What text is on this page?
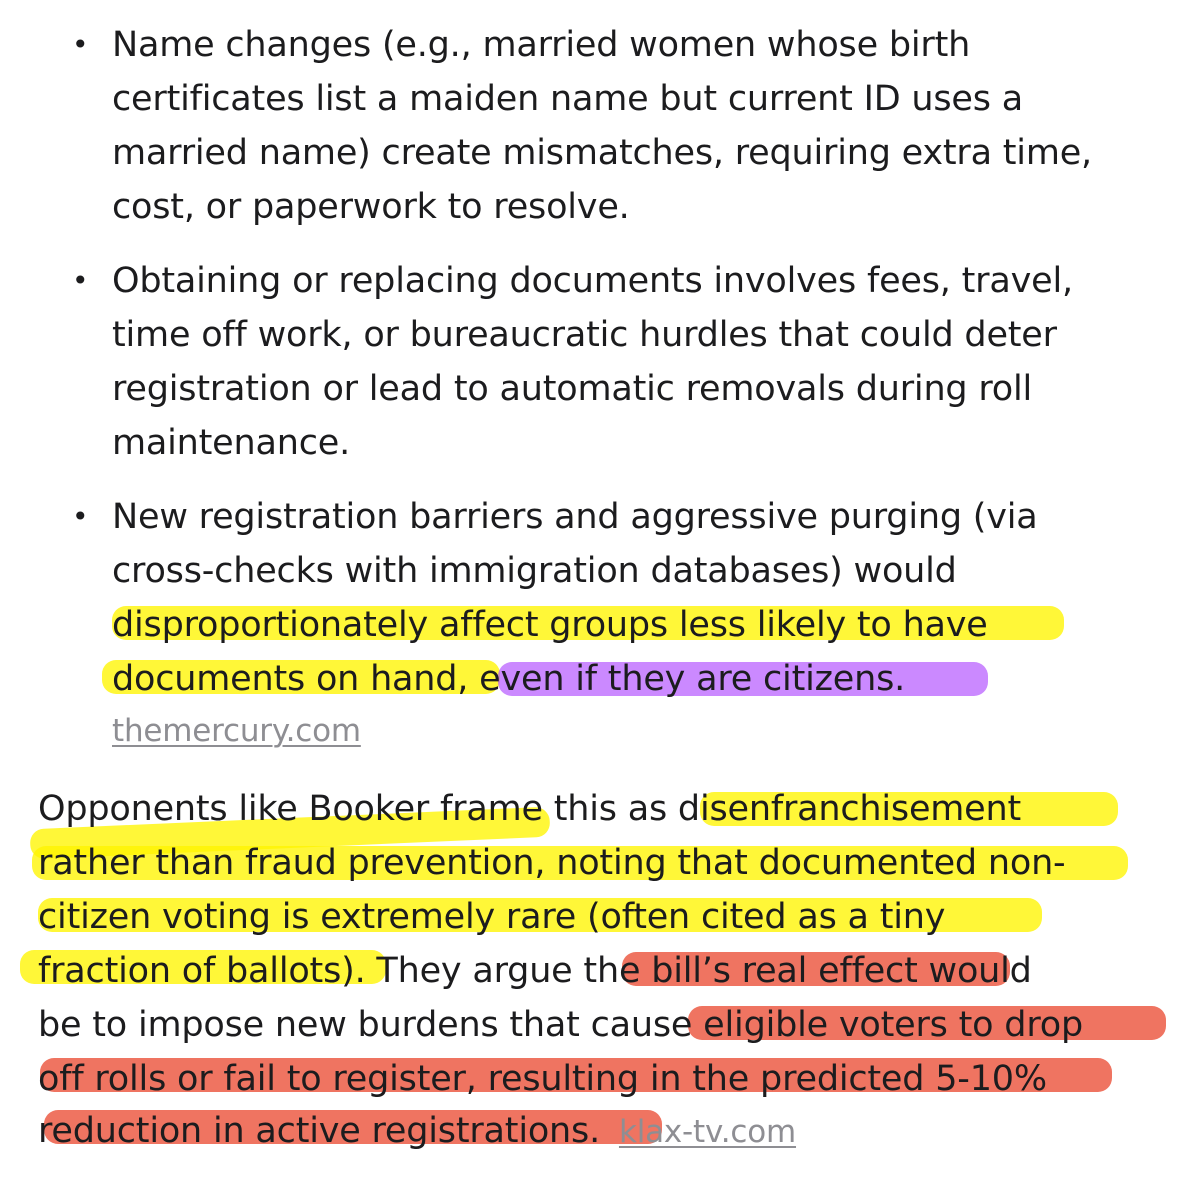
• Name changes (e.g., married women whose birth
certificates list a maiden name but current ID uses a
married name) create mismatches, requiring extra time,
cost, or paperwork to resolve.
• Obtaining or replacing documents involves fees, travel,
time off work, or bureaucratic hurdles that could deter
registration or lead to automatic removals during roll
maintenance.
• New registration barriers and aggressive purging (via
cross-checks with immigration databases) would
disproportionately affect groups less likely to have
documents on hand, even if they are citizens.
themercury.com
Opponents like Booker frame this as disenfranchisement
rather than fraud prevention, noting that documented non-
citizen voting is extremely rare (often cited as a tiny
fraction of ballots). They argue the bill’s real effect would
be to impose new burdens that cause eligible voters to drop
off rolls or fail to register, resulting in the predicted 5-10%
reduction in active registrations. klax-tv.com
